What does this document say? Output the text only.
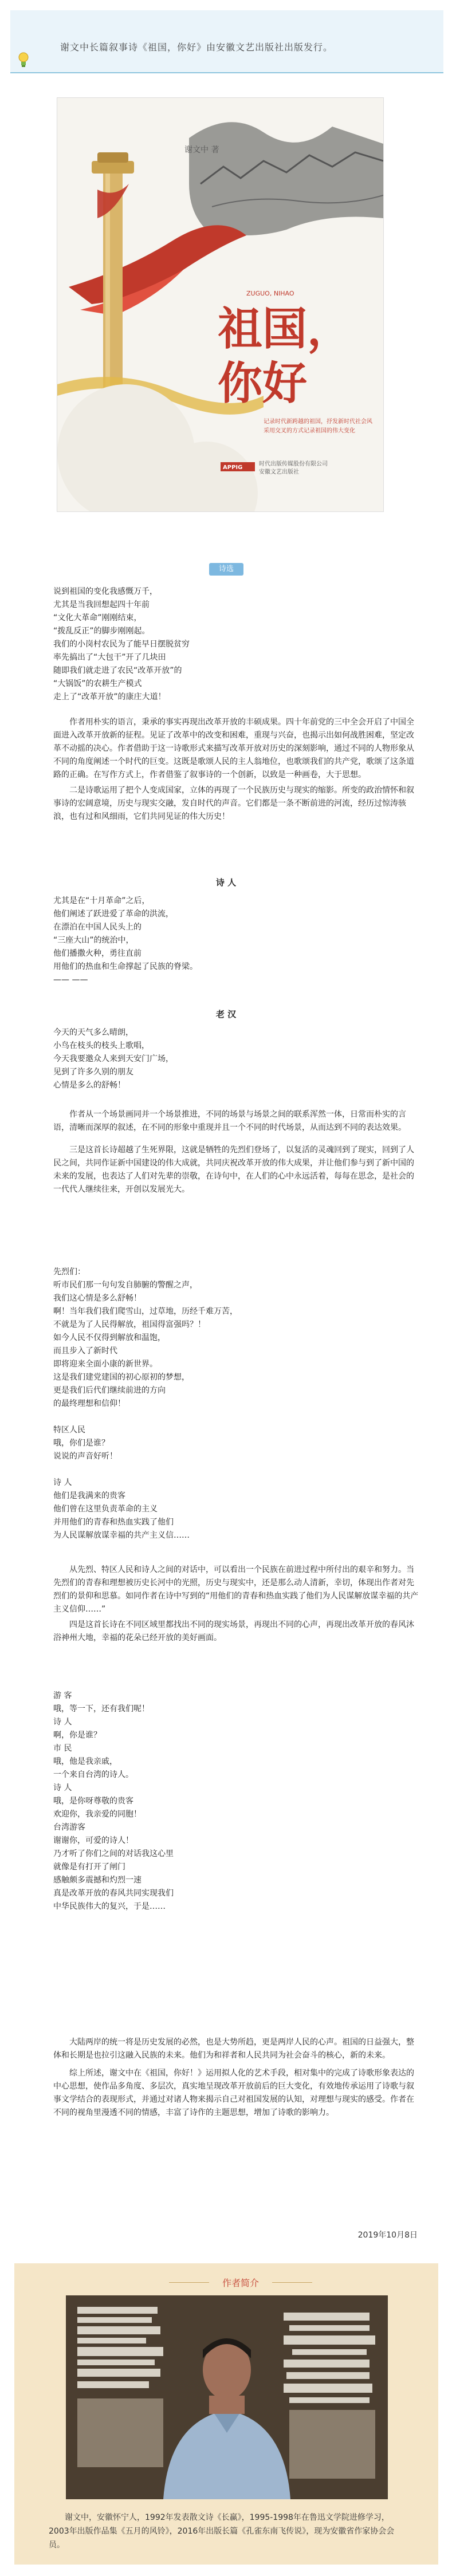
谢文中长篇叙事诗《祖国，你好》由安徽文艺出版社出版发行。
谢文中 著
ZUGUO, NIHAO
祖国，
你好
记录时代新跨越的祖国，抒发新时代社会风
采用交叉的方式记录祖国的伟大变化
APPIG
时代出版传媒股份有限公司
安徽文艺出版社
诗选

说到祖国的变化我感慨万千，

尤其是当我回想起四十年前

“文化大革命”刚刚结束，

“拨乱反正”的脚步刚刚起。

我们的小岗村农民为了能早日摆脱贫穷

率先搞出了“大包干”开了几块田

随即我们就走进了农民“改革开放”的

“大锅饭”的农耕生产模式

走上了“改革开放”的康庄大道！

作者用朴实的语言，秉承的事实再现出改革开放的丰硕成果。四十年前党的三中全会开启了中国全面进入改革开放新的征程。见证了改革中的改变和困难，重现与兴奋，也揭示出如何战胜困难，坚定改革不动摇的决心。作者借助于这一诗歌形式来描写改革开放对历史的深刻影响，通过不同的人物形象从不同的角度阐述一个时代的巨变。这既是歌颂人民的主人翁地位，也歌颂我们的共产党，歌颂了这条道路的正确。在写作方式上，作者借鉴了叙事诗的一个创新，以致是一种画卷，大于思想。

二是诗歌运用了把个人变成国家，立体的再现了一个民族历史与现实的缩影。所变的政治情怀和叙事诗的宏阔意境，历史与现实交融，发自时代的声音。它们都是一条不断前进的河流，经历过惊涛骇浪，也有过和风细雨，它们共同见证的伟大历史！

诗 人

尤其是在“十月革命”之后，

他们阐述了跃进爱了革命的洪流，

在漂泊在中国人民头上的

“三座大山”的统治中，

他们播撒火种，勇往直前

用他们的热血和生命撑起了民族的脊梁。

—— ——

老 汉

今天的天气多么晴朗，

小鸟在枝头的枝头上歌唱，

今天我要邀众人来到天安门广场，

见到了许多久别的朋友

心情是多么的舒畅！

作者从一个场景画同并一个场景推进，不同的场景与场景之间的联系浑然一体，日常而朴实的言语，清晰而深厚的叙述，在不同的形象中重现并且一个不同的时代场景，从而达到不同的表达效果。

三是这首长诗超越了生死界限，这就是牺牲的先烈们登场了，以复活的灵魂回到了现实，回到了人民之间，共同作证新中国建设的伟大成就，共同庆祝改革开放的伟大成果，并让他们参与到了新中国的未来的发展，也表达了人们对先辈的崇敬，在诗句中，在人们的心中永远活着，每每在思念，是社会的一代代人继续往来，开创以发展光大。

先烈们：

听市民们那一句句发自肺腑的警醒之声，

我们这心情是多么舒畅！

啊！当年我们我们爬雪山，过草地，历经千难万苦，

不就是为了人民得解放，祖国得富强吗？！

如今人民不仅得到解放和温饱，

而且步入了新时代

即将迎来全面小康的新世界。

这是我们建党建国的初心原初的梦想，

更是我们后代们继续前进的方向

的最终理想和信仰！

特区人民

哦，你们是谁？

说说的声音好听！

诗 人

他们是我满来的贵客

他们曾在这里负责革命的主义

并用他们的青春和热血实践了他们

为人民谋解放谋幸福的共产主义信……

从先烈、特区人民和诗人之间的对话中，可以看出一个民族在前进过程中所付出的艰辛和努力。当先烈们的青春和理想被历史长河中的光照，历史与现实中，还是那么动人清新，幸切，体现出作者对先烈们的景仰和思慕。如同作者在诗中写到的“用他们的青春和热血实践了他们为人民谋解放谋幸福的共产主义信仰……”

四是这首长诗在不同区域里都找出不同的现实场景，再现出不同的心声，再现出改革开放的春风沐浴神州大地，幸福的花朵已经开放的美好画面。

游 客

哦，等一下，还有我们呢！

诗 人

啊，你是谁？

市 民

哦，他是我亲戚，

一个来自台湾的诗人。

诗 人

哦，是你呀尊敬的贵客

欢迎你，我亲爱的同胞！

台湾游客

谢谢你，可爱的诗人！

乃才听了你们之间的对话我这心里

就像是有打开了闸门

感触颇多震撼和灼烈一速

真是改革开放的春风共同实现我们

中华民族伟大的复兴，于是……

大陆两岸的统一将是历史发展的必然，也是大势所趋，更是两岸人民的心声。祖国的日益强大，整体和长期是也拉引这融入民族的未来。他们为和祥者和人民共同为社会奋斗的核心，新的未来。

综上所述，谢文中在《祖国，你好！》运用拟人化的艺术手段，相对集中的完成了诗歌形象表达的中心思想，使作品多角度、多层次，真实地呈现改革开放前后的巨大变化，有效地传承运用了诗歌与叙事文学结合的表现形式，并通过对诸人物来揭示自己对祖国发展的认知，对理想与现实的感受。作者在不同的视角里漫透不同的情感，丰富了诗作的主题思想，增加了诗歌的影响力。

2019年10月8日
作者简介
谢文中，安徽怀宁人，1992年发表散文诗《长赢》，1995-1998年在鲁迅文学院进修学习，2003年出版作品集《五月的风铃》，2016年出版长篇《孔雀东南飞传说》，现为安徽省作家协会会员。
